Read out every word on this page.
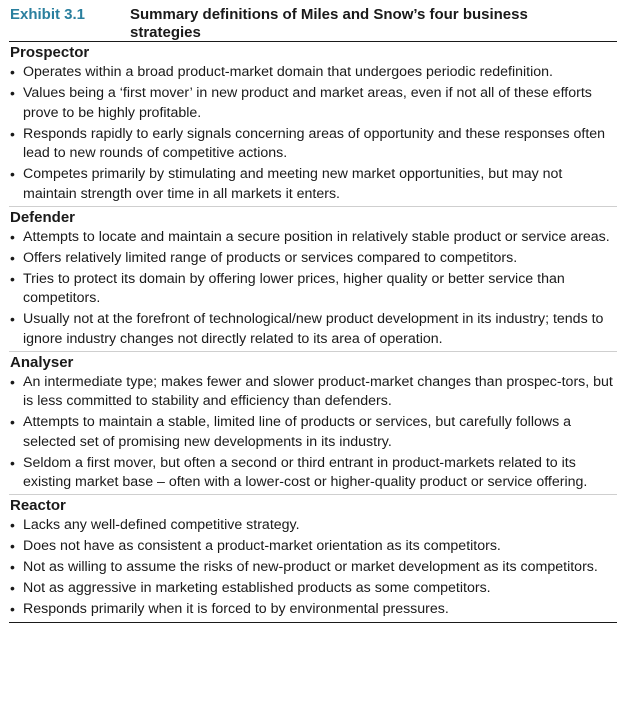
Exhibit 3.1	Summary definitions of Miles and Snow’s four business strategies
Prospector
• Operates within a broad product-market domain that undergoes periodic redefinition.
• Values being a ‘first mover’ in new product and market areas, even if not all of these efforts prove to be highly profitable.
• Responds rapidly to early signals concerning areas of opportunity and these responses often lead to new rounds of competitive actions.
• Competes primarily by stimulating and meeting new market opportunities, but may not maintain strength over time in all markets it enters.
Defender
• Attempts to locate and maintain a secure position in relatively stable product or service areas.
• Offers relatively limited range of products or services compared to competitors.
• Tries to protect its domain by offering lower prices, higher quality or better service than competitors.
• Usually not at the forefront of technological/new product development in its industry; tends to ignore industry changes not directly related to its area of operation.
Analyser
• An intermediate type; makes fewer and slower product-market changes than prospec-tors, but is less committed to stability and efficiency than defenders.
• Attempts to maintain a stable, limited line of products or services, but carefully follows a selected set of promising new developments in its industry.
• Seldom a first mover, but often a second or third entrant in product-markets related to its existing market base – often with a lower-cost or higher-quality product or service offering.
Reactor
• Lacks any well-defined competitive strategy.
• Does not have as consistent a product-market orientation as its competitors.
• Not as willing to assume the risks of new-product or market development as its competitors.
• Not as aggressive in marketing established products as some competitors.
• Responds primarily when it is forced to by environmental pressures.
